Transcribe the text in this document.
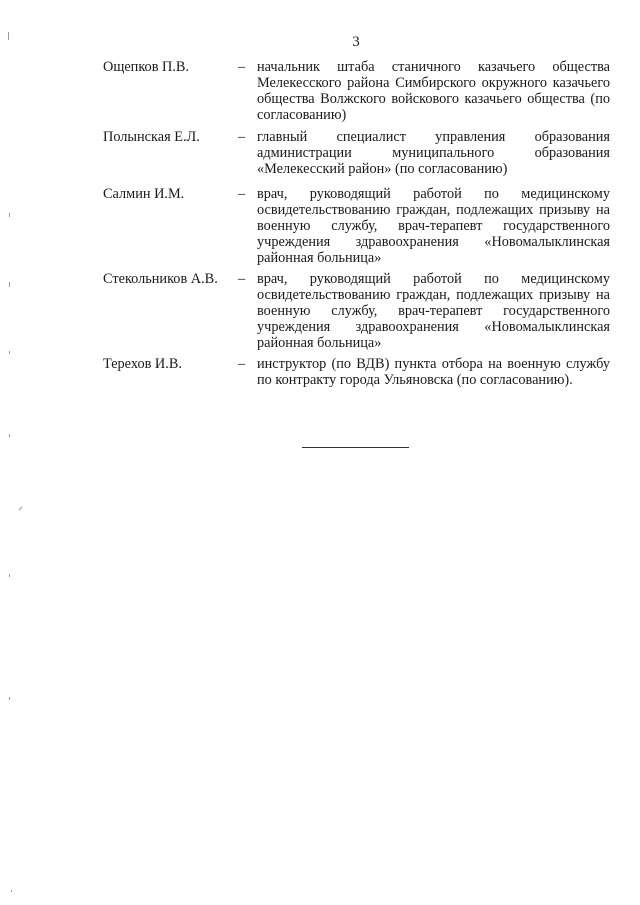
3
Ощепков П.В.	– начальник штаба станичного казачьего общества Мелекесского района Симбирского окружного казачьего общества Волжского войскового казачьего общества (по согласованию)
Полынская Е.Л.	– главный специалист управления образования администрации муниципального образования «Мелекесский район» (по согласованию)
Салмин И.М.	– врач, руководящий работой по медицинскому освидетельствованию граждан, подлежащих призыву на военную службу, врач-терапевт государственного учреждения здравоохранения «Новомалыклинская районная больница»
Стекольников А.В. – врач, руководящий работой по медицинскому освидетельствованию граждан, подлежащих призыву на военную службу, врач-терапевт государственного учреждения здравоохранения «Новомалыклинская районная больница»
Терехов И.В.	– инструктор (по ВДВ) пункта отбора на военную службу по контракту города Ульяновска (по согласованию).
